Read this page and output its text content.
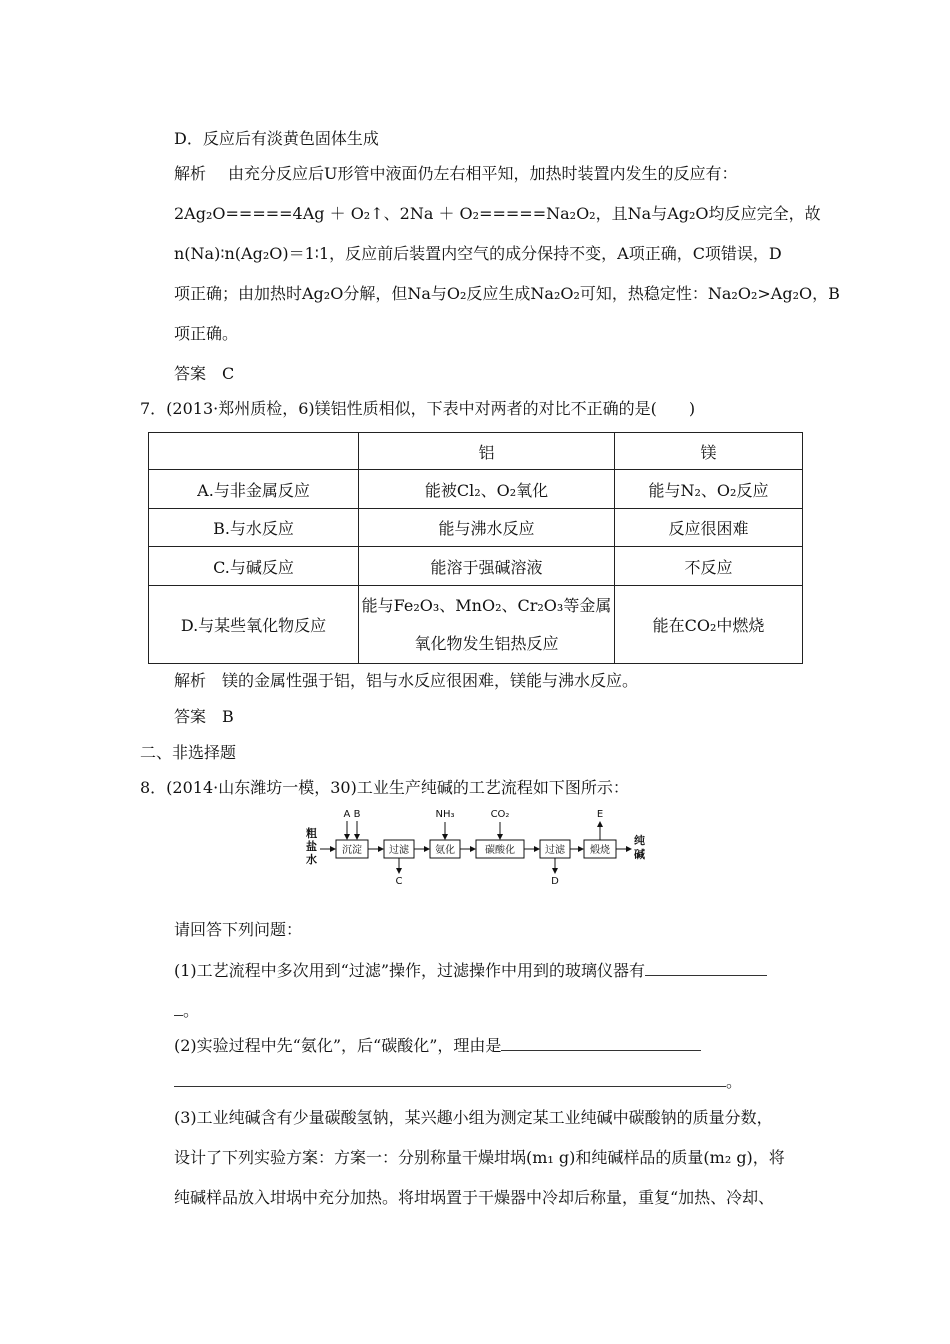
D．反应后有淡黄色固体生成
解析 由充分反应后U形管中液面仍左右相平知，加热时装置内发生的反应有：
2Ag₂O=====4Ag ＋ O₂↑ 、 2Na ＋ O₂=====Na₂O₂ ， 且 Na 与 Ag₂O 均 反 应 完 全 ， 故
n(Na)∶n(Ag₂O)＝1∶1，反应前后装置内空气的成分保持不变，A项正确，C项错误，D
项正确；由加热时Ag₂O分解，但Na与O₂反应生成Na₂O₂可知，热稳定性：Na₂O₂>Ag₂O，B
项正确。
答案　C
7．(2013·郑州质检，6)镁铝性质相似，下表中对两者的对比不正确的是(　　)
	铝	镁
A.与非金属反应	能被Cl₂、O₂氧化	能与N₂、O₂反应
B.与水反应	能与沸水反应	反应很困难
C.与碱反应	能溶于强碱溶液	不反应
D.与某些氧化物反应	能与Fe₂O₃、MnO₂、Cr₂O₃等金属
氧化物发生铝热反应	能在CO₂中燃烧
解析　镁的金属性强于铝，铝与水反应很困难，镁能与沸水反应。
答案　B
二、非选择题
8．(2014·山东潍坊一模，30)工业生产纯碱的工艺流程如下图所示：
粗
盐
水
纯
碱
沉淀	过滤	氨化	碳酸化	过滤	煅烧
A B	NH₃	CO₂
C	D
E
请回答下列问题：
(1)工艺流程中多次用到“过滤”操作，过滤操作中用到的玻璃仪器有
。
(2)实验过程中先“氨化”，后“碳酸化”，理由是
。
(3)工业纯碱含有少量碳酸氢钠，某兴趣小组为测定某工业纯碱中碳酸钠的质量分数，
设计了下列实验方案：方案一：分别称量干燥坩埚(m₁ g)和纯碱样品的质量(m₂ g)，将
纯碱样品放入坩埚中充分加热。将坩埚置于干燥器中冷却后称量，重复“加热、冷却、
